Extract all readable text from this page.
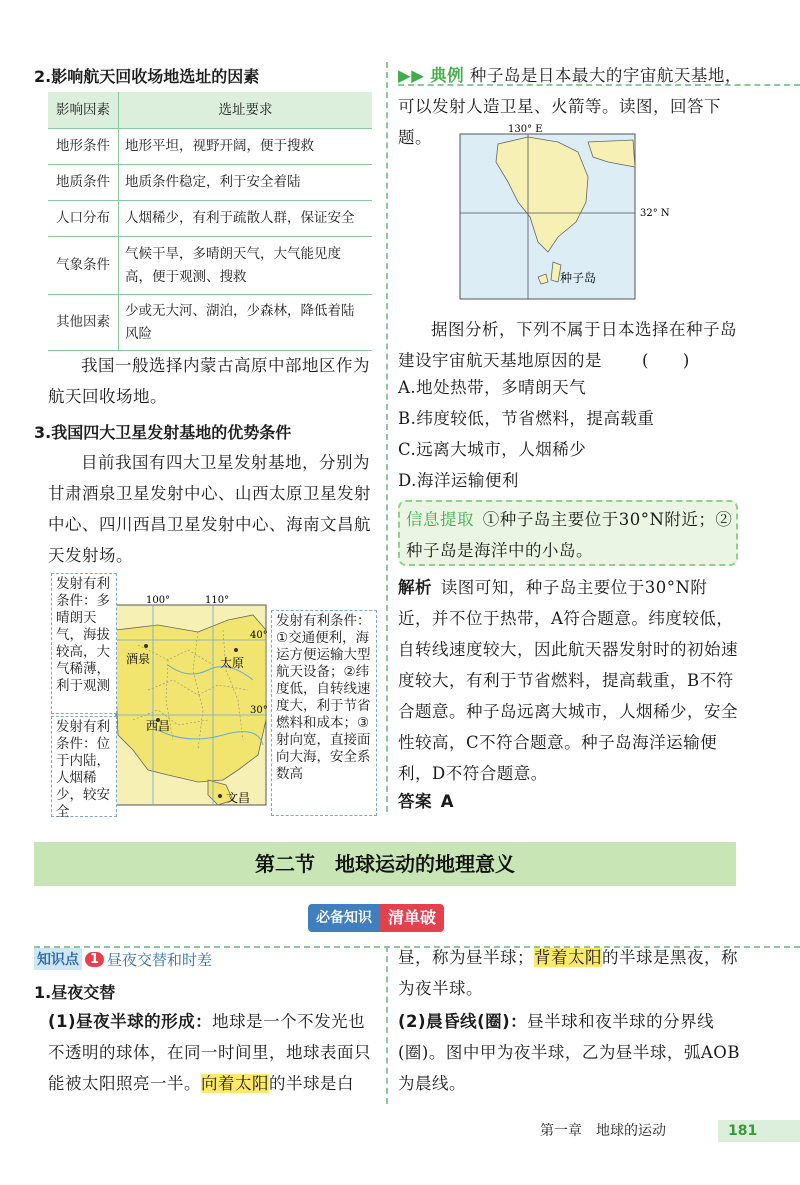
2.影响航天回收场地选址的因素
影响因素	选址要求
地形条件	地形平坦，视野开阔，便于搜救
地质条件	地质条件稳定，利于安全着陆
人口分布	人烟稀少，有利于疏散人群，保证安全
气象条件	气候干旱，多晴朗天气，大气能见度高，便于观测、搜救
其他因素	少或无大河、湖泊，少森林，降低着陆风险
我国一般选择内蒙古高原中部地区作为航天回收场地。
3.我国四大卫星发射基地的优势条件
目前我国有四大卫星发射基地，分别为甘肃酒泉卫星发射中心、山西太原卫星发射中心、四川西昌卫星发射中心、海南文昌航天发射场。
100°	110°
40°
30°
酒泉	太原
西昌
文昌
发射有利条件：多晴朗天气，海拔较高，大气稀薄，利于观测
发射有利条件：位于内陆，人烟稀少，较安全
发射有利条件：①交通便利，海运方便运输大型航天设备；②纬度低，自转线速度大，利于节省燃料和成本；③射向宽，直接面向大海，安全系数高
▶▶ 典例 种子岛是日本最大的宇宙航天基地，可以发射人造卫星、火箭等。读图，回答下题。	130° E
32° N
种子岛
据图分析，下列不属于日本选择在种子岛建设宇宙航天基地原因的是 (　　)
A.地处热带，多晴朗天气
B.纬度较低，节省燃料，提高载重
C.远离大城市，人烟稀少
D.海洋运输便利
信息提取  ①种子岛主要位于30°N附近；②种子岛是海洋中的小岛。
解析  读图可知，种子岛主要位于30°N附近，并不位于热带，A符合题意。纬度较低，自转线速度较大，因此航天器发射时的初始速度较大，有利于节省燃料，提高载重，B不符合题意。种子岛远离大城市，人烟稀少，安全性较高，C不符合题意。种子岛海洋运输便利，D不符合题意。
答案  A
第二节　地球运动的地理意义
必备知识	清单破
知识点 1 昼夜交替和时差
1.昼夜交替
(1)昼夜半球的形成：地球是一个不发光也不透明的球体，在同一时间里，地球表面只能被太阳照亮一半。向着太阳的半球是白
昼，称为昼半球；背着太阳的半球是黑夜，称为夜半球。
(2)晨昏线(圈)：昼半球和夜半球的分界线(圈)。图中甲为夜半球，乙为昼半球，弧AOB为晨线。
第一章　地球的运动	181
